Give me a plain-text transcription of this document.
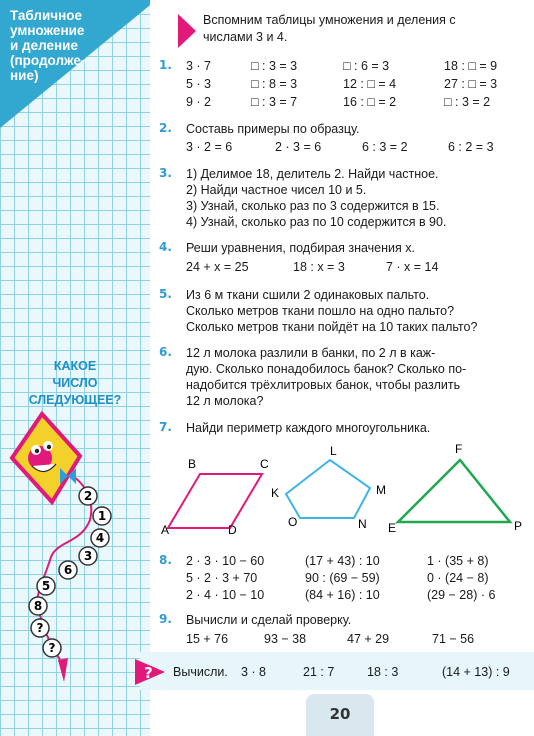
Табличное
умножение
и деление
(продолже-
ние)
КАКОЕ
ЧИСЛО
СЛЕДУЮЩЕЕ?
2
1
4
3
6
5
8
?
?
Вспомним таблицы умножения и деления с
числами 3 и 4.
1.	3 · 7	□ : 3 = 3	□ : 6 = 3	18 : □ = 9
5 · 3	□ : 8 = 3	12 : □ = 4	27 : □ = 3
9 · 2	□ : 3 = 7	16 : □ = 2	□ : 3 = 2
2.	Составь примеры по образцу.
3 · 2 = 6	2 · 3 = 6	6 : 3 = 2	6 : 2 = 3
3.	1) Делимое 18, делитель 2. Найди частное.
2) Найди частное чисел 10 и 5.
3) Узнай, сколько раз по 3 содержится в 15.
4) Узнай, сколько раз по 10 содержится в 90.
4.	Реши уравнения, подбирая значения x.
24 + x = 25	18 : x = 3	7 · x = 14
5.	Из 6 м ткани сшили 2 одинаковых пальто.
Сколько метров ткани пошло на одно пальто?
Сколько метров ткани пойдёт на 10 таких пальто?
6.	12 л молока разлили в банки, по 2 л в каж-
дую. Сколько понадобилось банок? Сколько по-
надобится трёхлитровых банок, чтобы разлить
12 л молока?
7.	Найди периметр каждого многоугольника.
A
B	C
D
K
L
M
N
O	E
F
P
8.	2 · 3 · 10 − 60	(17 + 43) : 10	1 · (35 + 8)
5 · 2 · 3 + 70	90 : (69 − 59)	0 · (24 − 8)
2 · 4 · 10 − 10	(84 + 16) : 10	(29 − 28) · 6
9.	Вычисли и сделай проверку.
15 + 76	93 − 38	47 + 29	71 − 56
? Вычисли. 3 · 8	21 : 7	18 : 3	(14 + 13) : 9
20
